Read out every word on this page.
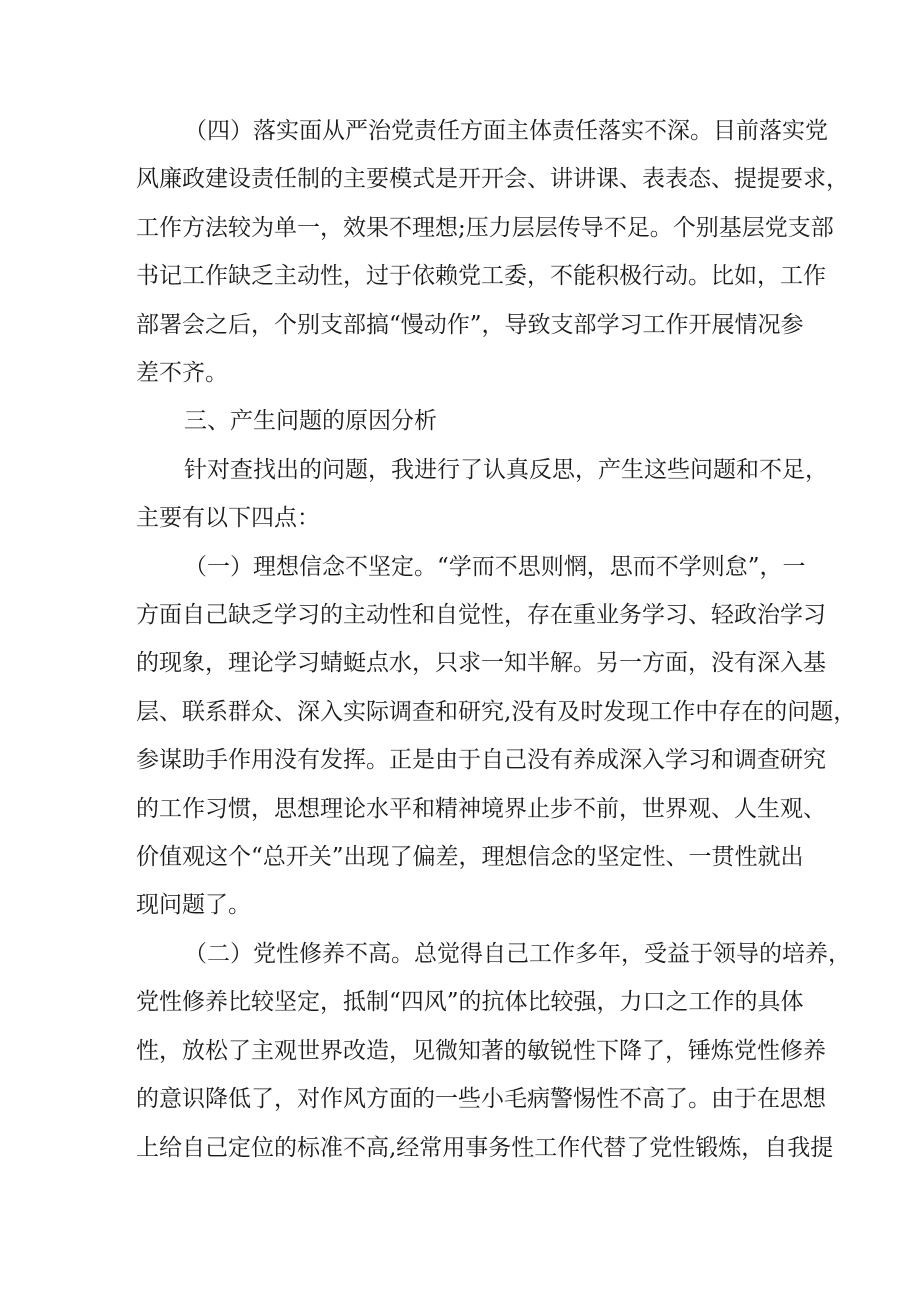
（四）落实面从严治党责任方面主体责任落实不深。目前落实党
风廉政建设责任制的主要模式是开开会、讲讲课、表表态、提提要求，
工作方法较为单一，效果不理想;压力层层传导不足。个别基层党支部
书记工作缺乏主动性，过于依赖党工委，不能积极行动。比如，工作
部署会之后，个别支部搞“慢动作”，导致支部学习工作开展情况参
差不齐。
三、产生问题的原因分析
针对查找出的问题，我进行了认真反思，产生这些问题和不足，
主要有以下四点：
（一）理想信念不坚定。“学而不思则惘，思而不学则怠”，一
方面自己缺乏学习的主动性和自觉性，存在重业务学习、轻政治学习
的现象，理论学习蜻蜓点水，只求一知半解。另一方面，没有深入基
层、联系群众、深入实际调查和研究,没有及时发现工作中存在的问题，
参谋助手作用没有发挥。正是由于自己没有养成深入学习和调查研究
的工作习惯，思想理论水平和精神境界止步不前，世界观、人生观、
价值观这个“总开关”出现了偏差，理想信念的坚定性、一贯性就出
现问题了。
（二）党性修养不高。总觉得自己工作多年，受益于领导的培养，
党性修养比较坚定，抵制“四风”的抗体比较强，力口之工作的具体
性，放松了主观世界改造，见微知著的敏锐性下降了，锤炼党性修养
的意识降低了，对作风方面的一些小毛病警惕性不高了。由于在思想
上给自己定位的标准不高,经常用事务性工作代替了党性锻炼，自我提
